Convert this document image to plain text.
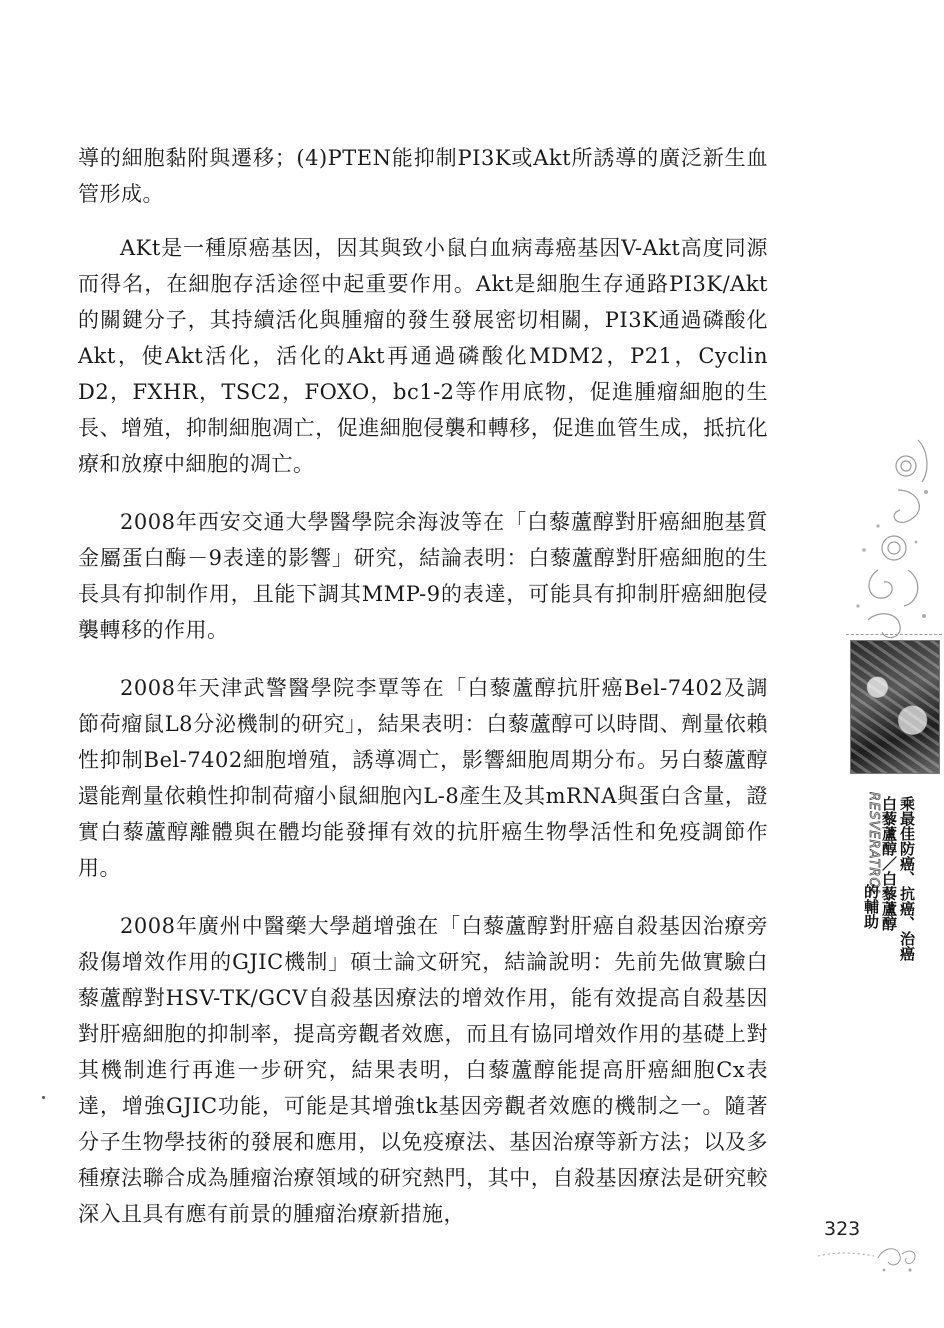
導的細胞黏附與遷移；(4)PTEN能抑制PI3K或Akt所誘導的廣泛新生血管形成。

AKt是一種原癌基因，因其與致小鼠白血病毒癌基因V-Akt高度同源而得名，在細胞存活途徑中起重要作用。Akt是細胞生存通路PI3K/Akt的關鍵分子，其持續活化與腫瘤的發生發展密切相關，PI3K通過磷酸化Akt，使Akt活化，活化的Akt再通過磷酸化MDM2，P21，Cyclin D2，FXHR，TSC2，FOXO，bc1-2等作用底物，促進腫瘤細胞的生長、增殖，抑制細胞凋亡，促進細胞侵襲和轉移，促進血管生成，抵抗化療和放療中細胞的凋亡。

2008年西安交通大學醫學院余海波等在「白藜蘆醇對肝癌細胞基質金屬蛋白酶－9表達的影響」研究，結論表明：白藜蘆醇對肝癌細胞的生長具有抑制作用，且能下調其MMP-9的表達，可能具有抑制肝癌細胞侵襲轉移的作用。

2008年天津武警醫學院李覃等在「白藜蘆醇抗肝癌Bel-7402及調節荷瘤鼠L8分泌機制的研究」，結果表明：白藜蘆醇可以時間、劑量依賴性抑制Bel-7402細胞增殖，誘導凋亡，影響細胞周期分布。另白藜蘆醇還能劑量依賴性抑制荷瘤小鼠細胞內L-8產生及其mRNA與蛋白含量，證實白藜蘆醇離體與在體均能發揮有效的抗肝癌生物學活性和免疫調節作用。

2008年廣州中醫藥大學趙增強在「白藜蘆醇對肝癌自殺基因治療旁殺傷增效作用的GJIC機制」碩士論文研究，結論說明：先前先做實驗白藜蘆醇對HSV-TK/GCV自殺基因療法的增效作用，能有效提高自殺基因對肝癌細胞的抑制率，提高旁觀者效應，而且有協同增效作用的基礎上對其機制進行再進一步研究，結果表明，白藜蘆醇能提高肝癌細胞Cx表達，增強GJIC功能，可能是其增強tk基因旁觀者效應的機制之一。隨著分子生物學技術的發展和應用，以免疫療法、基因治療等新方法；以及多種療法聯合成為腫瘤治療領域的研究熱門，其中，自殺基因療法是研究較深入且具有應有前景的腫瘤治療新措施，

RESVERATROL 白藜蘆醇／白藜蘆醇
的輔助 乘最佳防癌、抗癌、治癌
323
